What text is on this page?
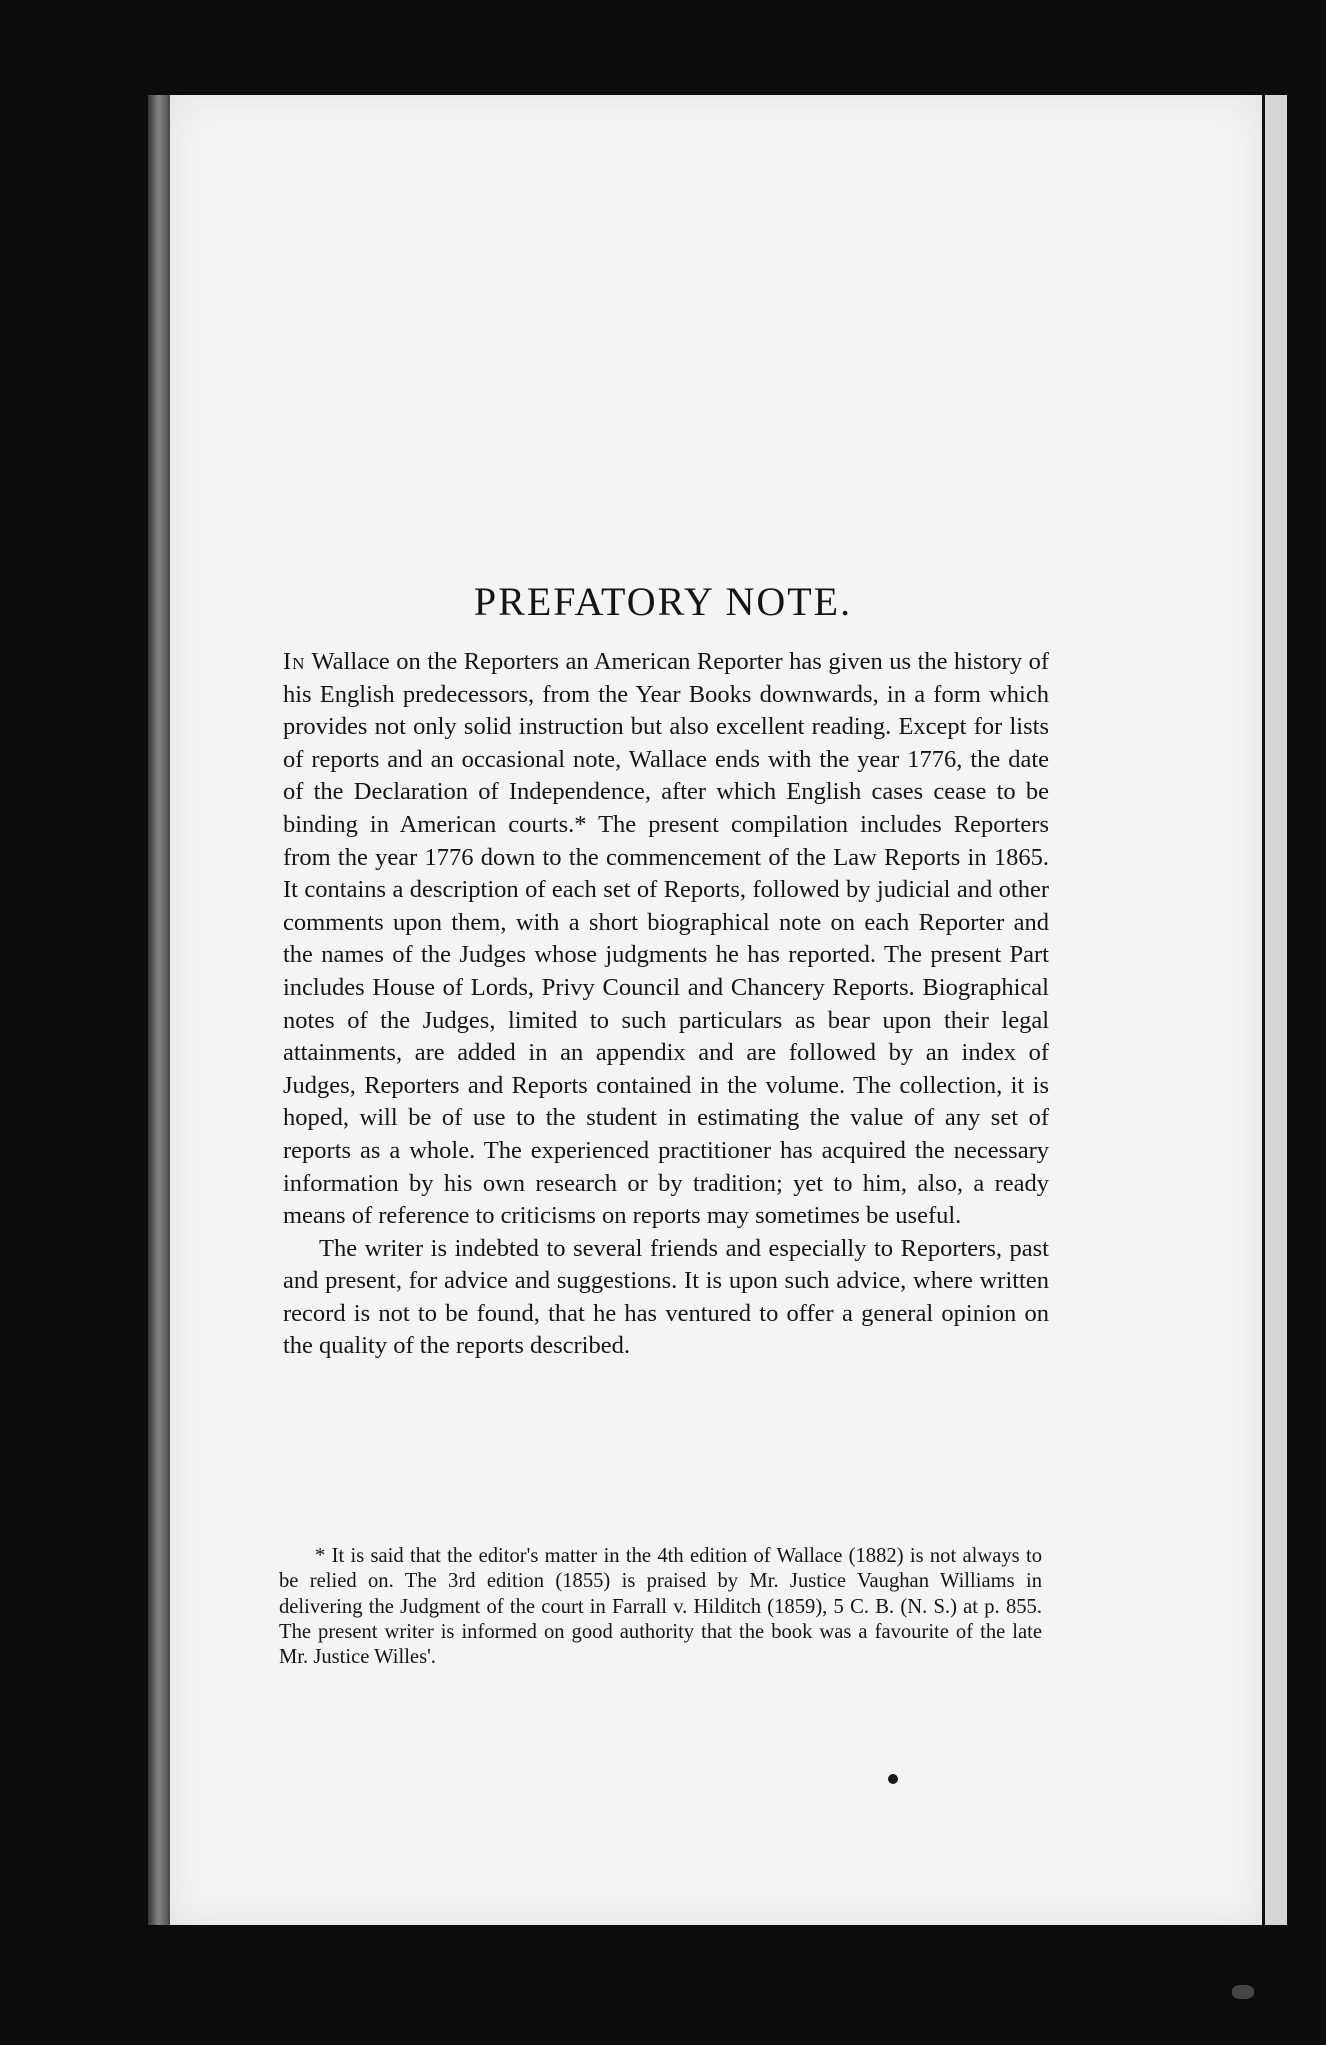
PREFATORY NOTE.

In Wallace on the Reporters an American Reporter has given us the history of his English predecessors, from the Year Books downwards, in a form which provides not only solid instruction but also excellent reading. Except for lists of reports and an occasional note, Wallace ends with the year 1776, the date of the Declaration of Independence, after which English cases cease to be binding in American courts.* The present compilation includes Reporters from the year 1776 down to the commencement of the Law Reports in 1865. It contains a description of each set of Reports, followed by judicial and other comments upon them, with a short biographical note on each Reporter and the names of the Judges whose judgments he has reported. The present Part includes House of Lords, Privy Council and Chancery Reports. Biographical notes of the Judges, limited to such particulars as bear upon their legal attainments, are added in an appendix and are followed by an index of Judges, Reporters and Reports contained in the volume. The collection, it is hoped, will be of use to the student in estimating the value of any set of reports as a whole. The experienced practitioner has acquired the necessary information by his own research or by tradition; yet to him, also, a ready means of reference to criticisms on reports may sometimes be useful.

The writer is indebted to several friends and especially to Reporters, past and present, for advice and suggestions. It is upon such advice, where written record is not to be found, that he has ventured to offer a general opinion on the quality of the reports described.

* It is said that the editor's matter in the 4th edition of Wallace (1882) is not always to be relied on. The 3rd edition (1855) is praised by Mr. Justice Vaughan Williams in delivering the Judgment of the court in Farrall v. Hilditch (1859), 5 C. B. (N. S.) at p. 855. The present writer is informed on good authority that the book was a favourite of the late Mr. Justice Willes'.
